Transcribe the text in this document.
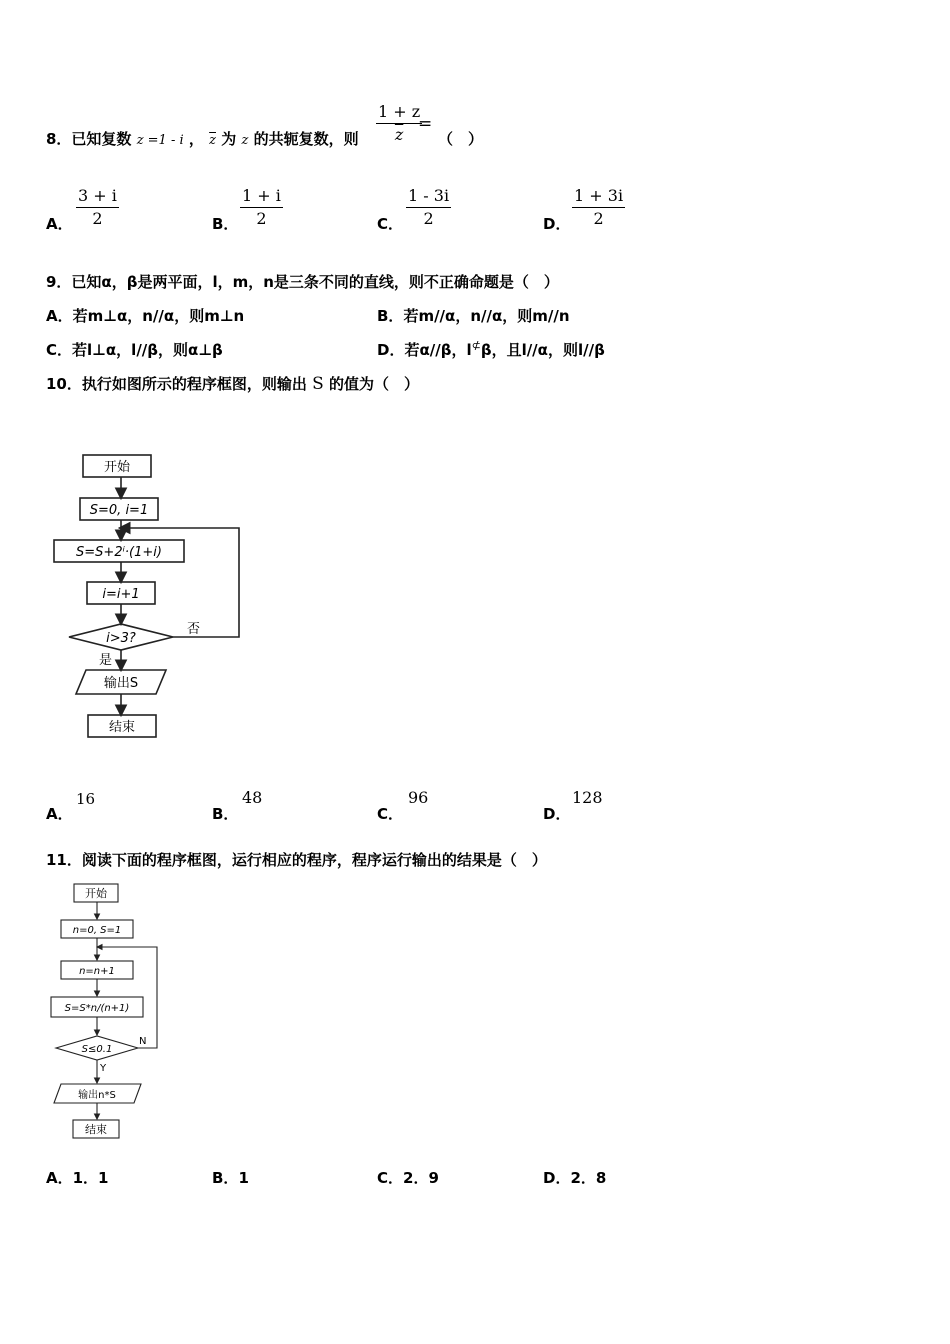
8．已知复数 z =1 - i ， $\overline{z}$ 为 z 的共轭复数，则 $\frac{1 + z}{z}$
=
（　）
A．
3 + i
2	B．
1 + i
2	C．
1 - 3i
2	D．
1 + 3i
2
9．已知α，β是两平面，l，m，n是三条不同的直线，则不正确命题是（　）
A．若m⊥α，n//α，则m⊥n	B．若m//α，n//α，则m//n
C．若l⊥α，l//β，则α⊥β	D．若α//β，l⊄β，且l//α，则l//β
10．执行如图所示的程序框图，则输出 S 的值为（　）
开始
S=0, i=1
S=S+2ⁱ·(1+i)
i=i+1
i>3?
否
是
输出S
结束
A．
16
B．
48
C．
96
D．
128
11．阅读下面的程序框图，运行相应的程序，程序运行输出的结果是（　）
开始
n=0, S=1
n=n+1
S=S*n/(n+1)
S≤0.1
N
Y
输出n*S
结束
A．1．1	B．1	C．2．9	D．2．8
